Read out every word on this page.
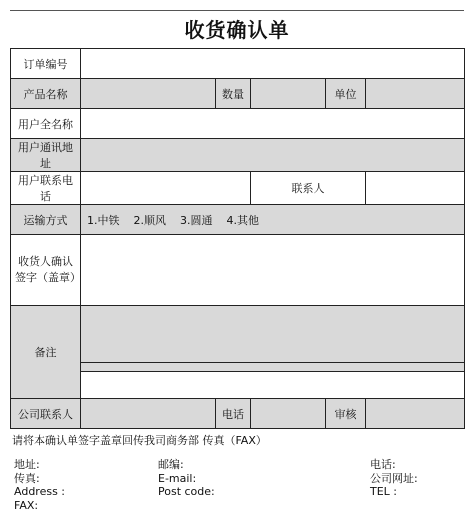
收货确认单
订单编号					
产品名称		数量		单位	
用户全名称					
用户通讯地址					
用户联系电话			联系人		
运输方式	1.中铁    2.顺风    3.圆通    4.其他				
收货人确认签字（盖章）					
备注					

公司联系人		电话		审核	
请将本确认单签字盖章回传我司商务部 传真（FAX）
地址:
传真:
Address :
FAX:
邮编:
E-mail:
Post code:
电话:
公司网址:
TEL :
